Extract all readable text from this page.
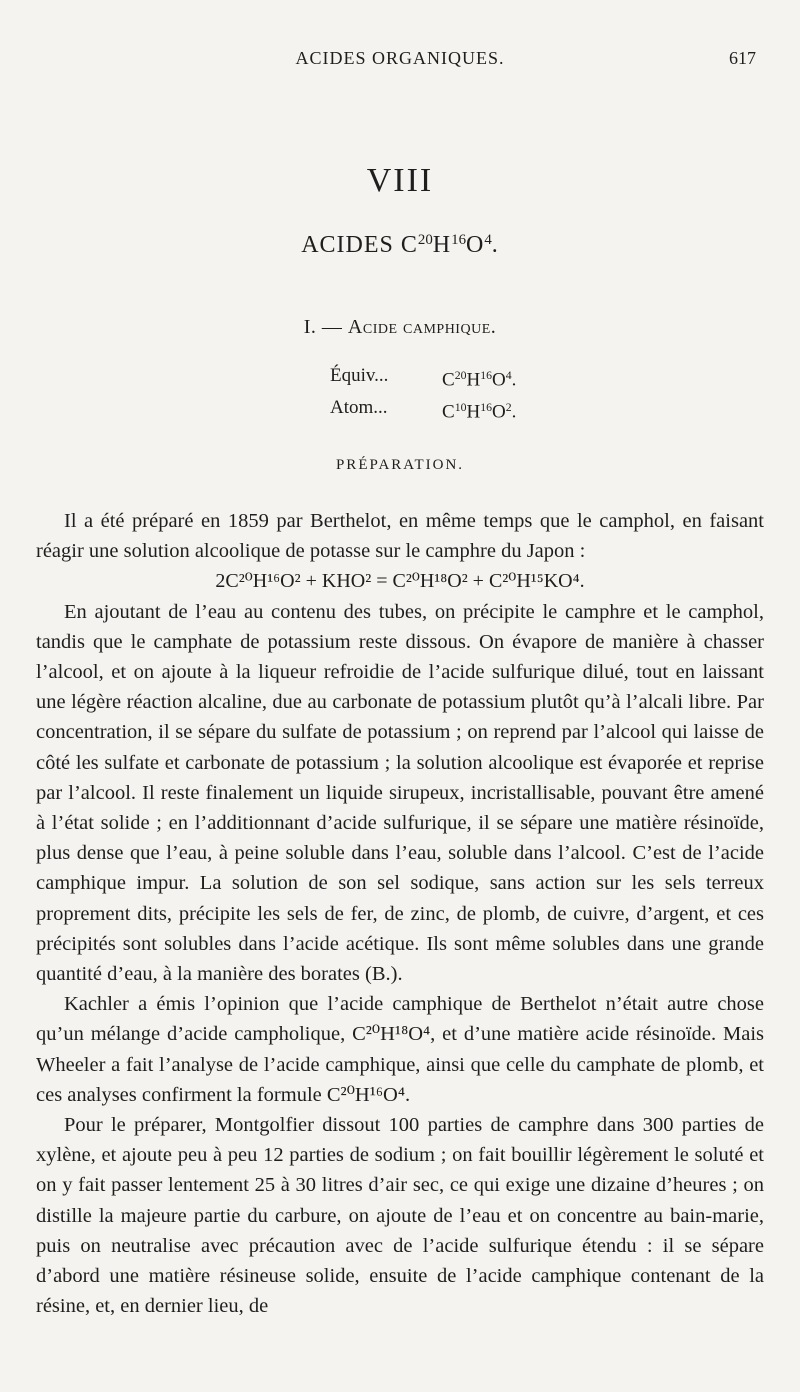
ACIDES ORGANIQUES.	617
VIII
ACIDES $C^{20}H^{16}O^4$.
I. — Acide camphique.
Équiv...	$C^{20}H^{16}O^4$.
Atom...	$C^{10}H^{16}O^2$.
PRÉPARATION.

Il a été préparé en 1859 par Berthelot, en même temps que le camphol, en faisant réagir une solution alcoolique de potasse sur le camphre du Japon :

2C²⁰H¹⁶O² + KHO² = C²⁰H¹⁸O² + C²⁰H¹⁵KO⁴.

En ajoutant de l’eau au contenu des tubes, on précipite le camphre et le camphol, tandis que le camphate de potassium reste dissous. On évapore de manière à chasser l’alcool, et on ajoute à la liqueur refroidie de l’acide sulfurique dilué, tout en laissant une légère réaction alcaline, due au carbonate de potassium plutôt qu’à l’alcali libre. Par concentration, il se sépare du sulfate de potassium ; on reprend par l’alcool qui laisse de côté les sulfate et carbonate de potassium ; la solution alcoolique est évaporée et reprise par l’alcool. Il reste finalement un liquide sirupeux, incristallisable, pouvant être amené à l’état solide ; en l’additionnant d’acide sulfurique, il se sépare une matière résinoïde, plus dense que l’eau, à peine soluble dans l’eau, soluble dans l’alcool. C’est de l’acide camphique impur. La solution de son sel sodique, sans action sur les sels terreux proprement dits, précipite les sels de fer, de zinc, de plomb, de cuivre, d’argent, et ces précipités sont solubles dans l’acide acétique. Ils sont même solubles dans une grande quantité d’eau, à la manière des borates (B.).

Kachler a émis l’opinion que l’acide camphique de Berthelot n’était autre chose qu’un mélange d’acide campholique, C²⁰H¹⁸O⁴, et d’une matière acide résinoïde. Mais Wheeler a fait l’analyse de l’acide camphique, ainsi que celle du camphate de plomb, et ces analyses confirment la formule C²⁰H¹⁶O⁴.

Pour le préparer, Montgolfier dissout 100 parties de camphre dans 300 parties de xylène, et ajoute peu à peu 12 parties de sodium ; on fait bouillir légèrement le soluté et on y fait passer lentement 25 à 30 litres d’air sec, ce qui exige une dizaine d’heures ; on distille la majeure partie du carbure, on ajoute de l’eau et on concentre au bain-marie, puis on neutralise avec précaution avec de l’acide sulfurique étendu : il se sépare d’abord une matière résineuse solide, ensuite de l’acide camphique contenant de la résine, et, en dernier lieu, de
